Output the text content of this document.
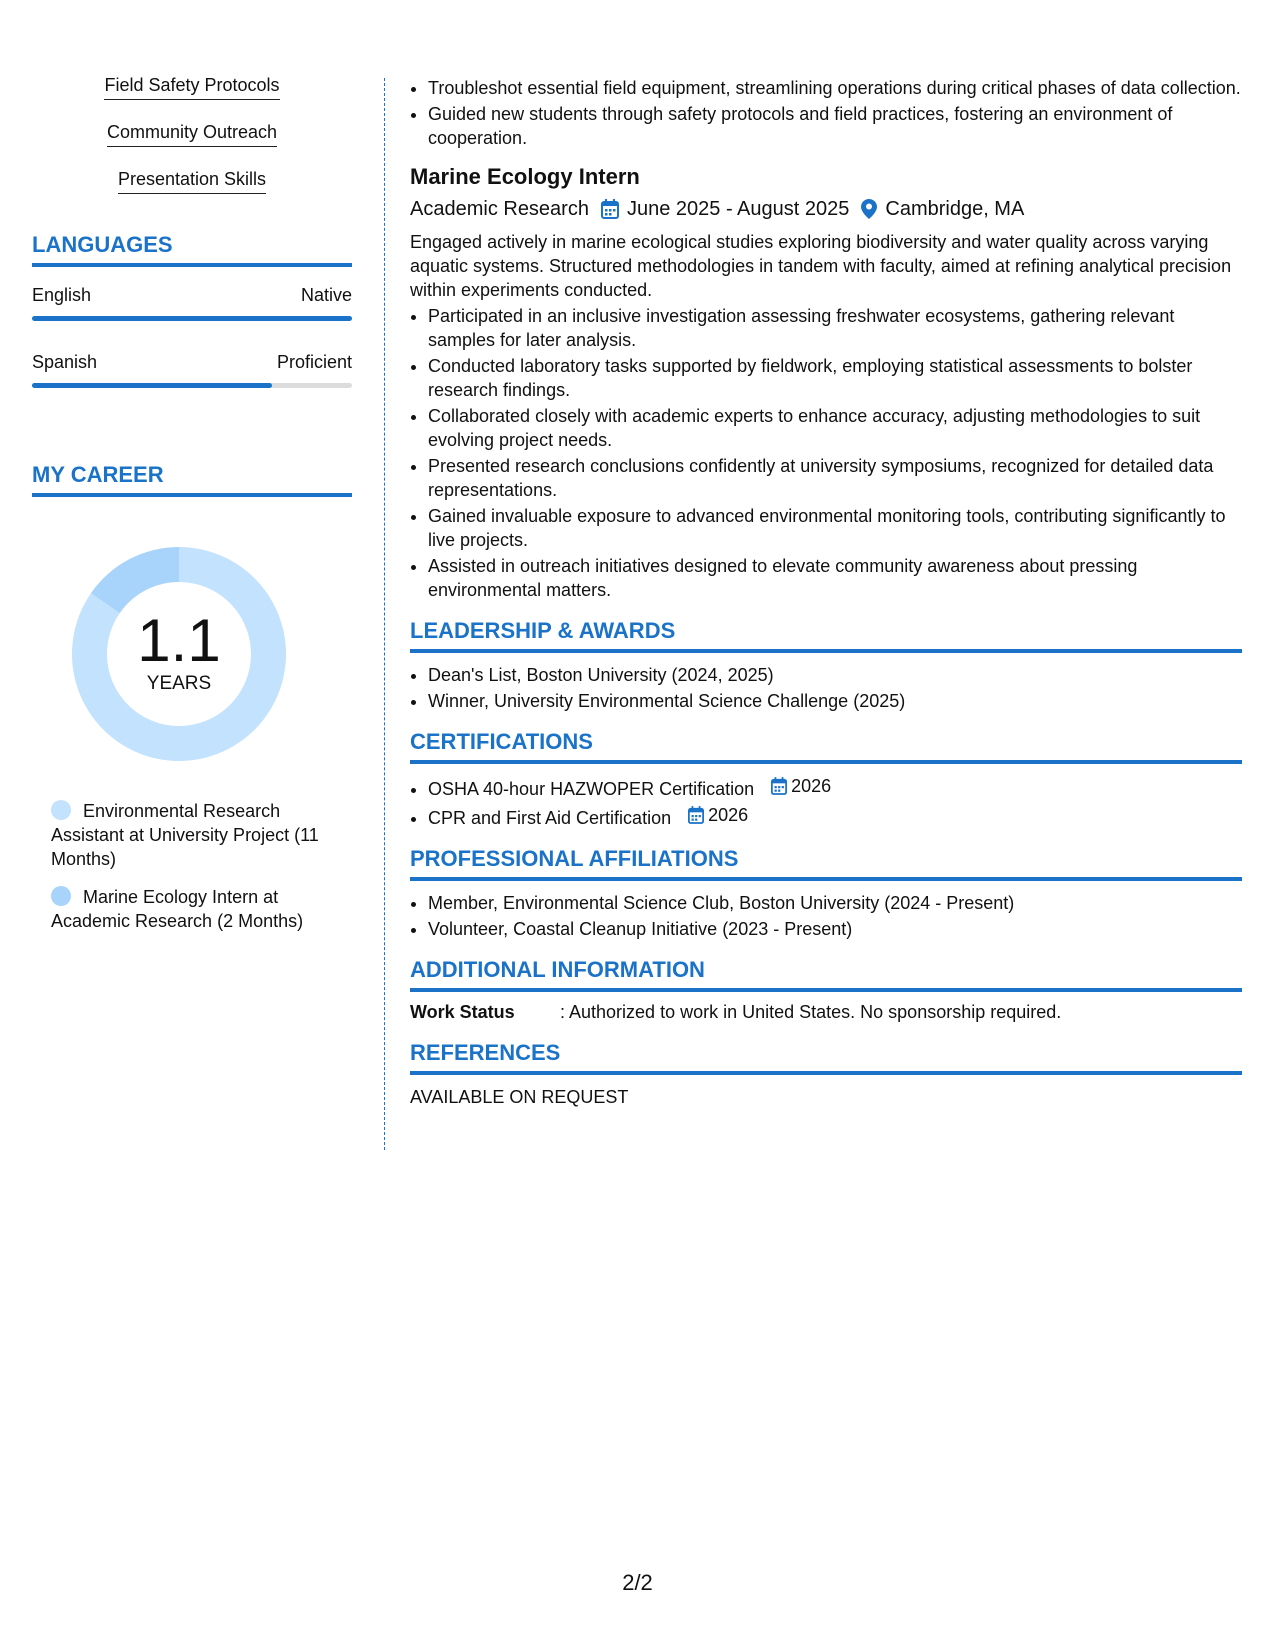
Field Safety Protocols
Community Outreach
Presentation Skills
LANGUAGES
English	Native
Spanish	Proficient
MY CAREER
1.1
YEARS
Environmental Research Assistant at University Project (11 Months)
Marine Ecology Intern at Academic Research (2 Months)
• Troubleshot essential field equipment, streamlining operations during critical phases of data collection.
• Guided new students through safety protocols and field practices, fostering an environment of cooperation.
Marine Ecology Intern
Academic Research June 2025 - August 2025 Cambridge, MA
Engaged actively in marine ecological studies exploring biodiversity and water quality across varying aquatic systems. Structured methodologies in tandem with faculty, aimed at refining analytical precision within experiments conducted.
• Participated in an inclusive investigation assessing freshwater ecosystems, gathering relevant samples for later analysis.
• Conducted laboratory tasks supported by fieldwork, employing statistical assessments to bolster research findings.
• Collaborated closely with academic experts to enhance accuracy, adjusting methodologies to suit evolving project needs.
• Presented research conclusions confidently at university symposiums, recognized for detailed data representations.
• Gained invaluable exposure to advanced environmental monitoring tools, contributing significantly to live projects.
• Assisted in outreach initiatives designed to elevate community awareness about pressing environmental matters.
LEADERSHIP & AWARDS
• Dean's List, Boston University (2024, 2025)
• Winner, University Environmental Science Challenge (2025)
CERTIFICATIONS
• OSHA 40-hour HAZWOPER Certification 2026
• CPR and First Aid Certification 2026
PROFESSIONAL AFFILIATIONS
• Member, Environmental Science Club, Boston University (2024 - Present)
• Volunteer, Coastal Cleanup Initiative (2023 - Present)
ADDITIONAL INFORMATION
Work Status	: Authorized to work in United States. No sponsorship required.
REFERENCES
AVAILABLE ON REQUEST
2/2
